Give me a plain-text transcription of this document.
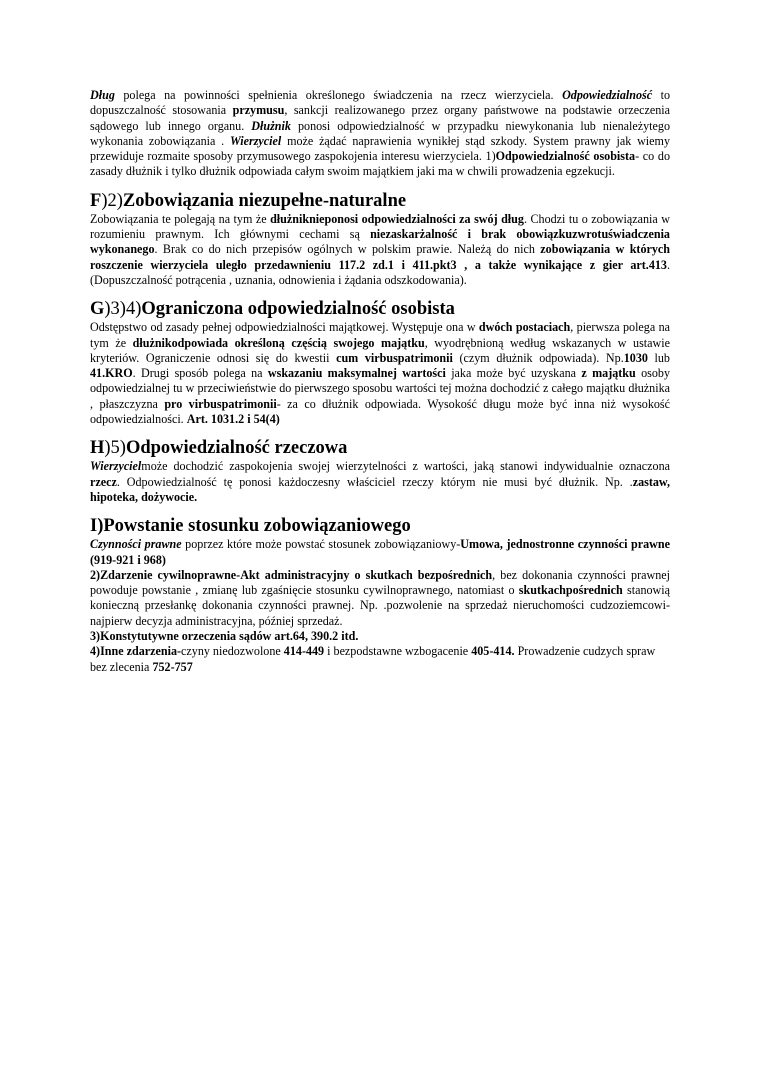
Dług polega na powinności spełnienia określonego świadczenia na rzecz wierzyciela. Odpowiedzialność to dopuszczalność stosowania przymusu, sankcji realizowanego przez organy państwowe na podstawie orzeczenia sądowego lub innego organu. Dłużnik ponosi odpowiedzialność w przypadku niewykonania lub nienależytego wykonania zobowiązania . Wierzyciel może żądać naprawienia wynikłej stąd szkody. System prawny jak wiemy przewiduje rozmaite sposoby przymusowego zaspokojenia interesu wierzyciela. 1)Odpowiedzialność osobista- co do zasady dłużnik i tylko dłużnik odpowiada całym swoim majątkiem jaki ma w chwili prowadzenia egzekucji.

F)2)Zobowiązania niezupełne-naturalne

Zobowiązania te polegają na tym że dłużniknieponosi odpowiedzialności za swój dług. Chodzi tu o zobowiązania w rozumieniu prawnym. Ich głównymi cechami są niezaskarżalność i brak obowiązkuzwrotuświadczenia wykonanego. Brak co do nich przepisów ogólnych w polskim prawie. Należą do nich zobowiązania w których roszczenie wierzyciela uległo przedawnieniu 117.2 zd.1 i 411.pkt3 , a także wynikające z gier art.413. (Dopuszczalność potrącenia , uznania, odnowienia i żądania odszkodowania).

G)3)4)Ograniczona odpowiedzialność osobista

Odstępstwo od zasady pełnej odpowiedzialności majątkowej. Występuje ona w dwóch postaciach, pierwsza polega na tym że dłużnikodpowiada określoną częścią swojego majątku, wyodrębnioną według wskazanych w ustawie kryteriów. Ograniczenie odnosi się do kwestii cum virbuspatrimonii (czym dłużnik odpowiada). Np.1030 lub 41.KRO. Drugi sposób polega na wskazaniu maksymalnej wartości jaka może być uzyskana z majątku osoby odpowiedzialnej tu w przeciwieństwie do pierwszego sposobu wartości tej można dochodzić z całego majątku dłużnika , płaszczyzna pro virbuspatrimonii- za co dłużnik odpowiada. Wysokość długu może być inna niż wysokość odpowiedzialności. Art. 1031.2 i 54(4)

H)5)Odpowiedzialność rzeczowa

Wierzycielmoże dochodzić zaspokojenia swojej wierzytelności z wartości, jaką stanowi indywidualnie oznaczona rzecz. Odpowiedzialność tę ponosi każdoczesny właściciel rzeczy którym nie musi być dłużnik. Np. .zastaw, hipoteka, dożywocie.

I)Powstanie stosunku zobowiązaniowego

Czynności prawne poprzez które może powstać stosunek zobowiązaniowy-Umowa, jednostronne czynności prawne (919-921 i 968)

2)Zdarzenie cywilnoprawne-Akt administracyjny o skutkach bezpośrednich, bez dokonania czynności prawnej powoduje powstanie , zmianę lub zgaśnięcie stosunku cywilnoprawnego, natomiast o skutkachpośrednich stanowią konieczną przesłankę dokonania czynności prawnej. Np. .pozwolenie na sprzedaż nieruchomości cudzoziemcowi-najpierw decyzja administracyjna, później sprzedaż.

3)Konstytutywne orzeczenia sądów art.64, 390.2 itd.

4)Inne zdarzenia-czyny niedozwolone 414-449 i bezpodstawne wzbogacenie 405-414. Prowadzenie cudzych spraw bez zlecenia 752-757
